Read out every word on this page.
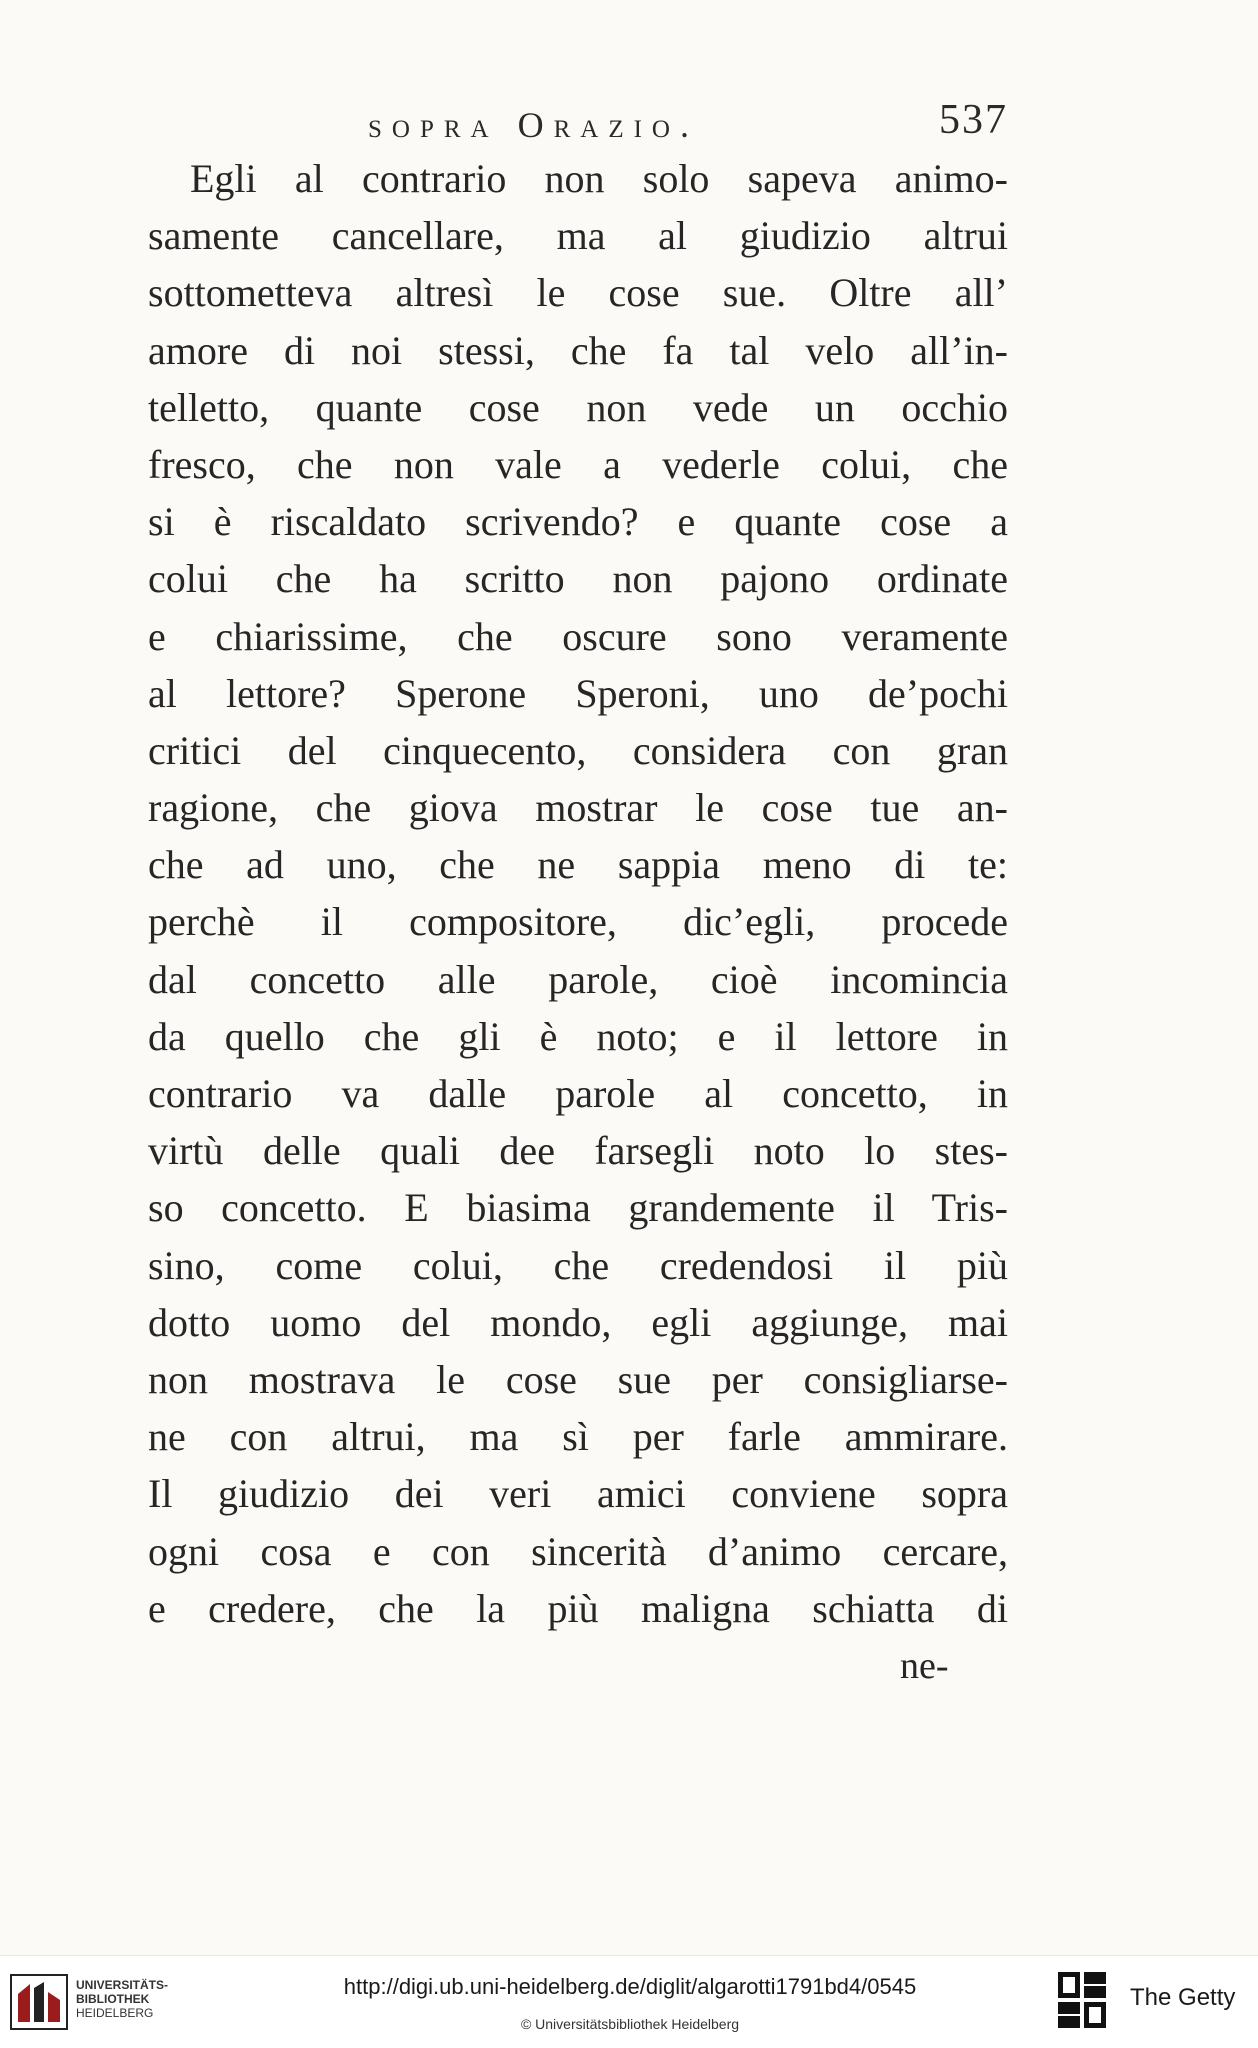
sopra Orazio.	537
Egli al contrario non solo sapeva animo-
samente cancellare, ma al giudizio altrui
sottometteva altresì le cose sue. Oltre all’
amore di noi stessi, che fa tal velo all’in-
telletto, quante cose non vede un occhio
fresco, che non vale a vederle colui, che
si è riscaldato scrivendo? e quante cose a
colui che ha scritto non pajono ordinate
e chiarissime, che oscure sono veramente
al lettore? Sperone Speroni, uno de’pochi
critici del cinquecento, considera con gran
ragione, che giova mostrar le cose tue an-
che ad uno, che ne sappia meno di te:
perchè il compositore, dic’egli, procede
dal concetto alle parole, cioè incomincia
da quello che gli è noto; e il lettore in
contrario va dalle parole al concetto, in
virtù delle quali dee farsegli noto lo stes-
so concetto. E biasima grandemente il Tris-
sino, come colui, che credendosi il più
dotto uomo del mondo, egli aggiunge, mai
non mostrava le cose sue per consigliarse-
ne con altrui, ma sì per farle ammirare.
Il giudizio dei veri amici conviene sopra
ogni cosa e con sincerità d’animo cercare,
e credere, che la più maligna schiatta di
ne-
UNIVERSITÄTS-
BIBLIOTHEK
HEIDELBERG
http://digi.ub.uni-heidelberg.de/diglit/algarotti1791bd4/0545
© Universitätsbibliothek Heidelberg
The Getty
